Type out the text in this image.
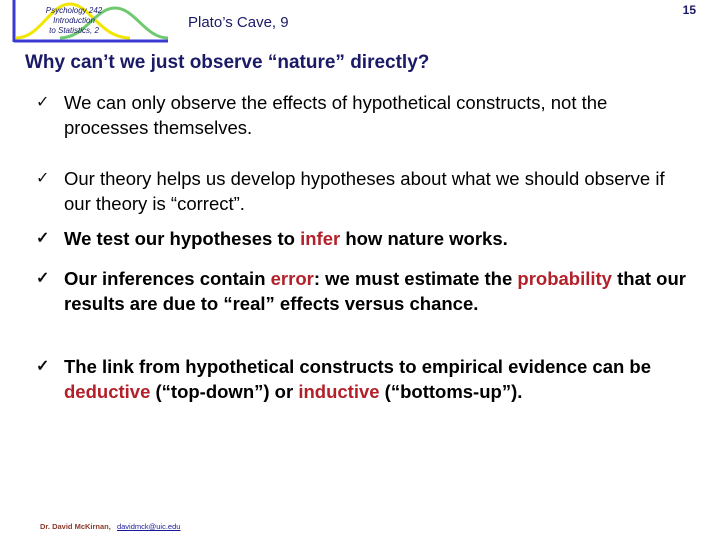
Psychology 242
Introduction
to Statistics, 2	Plato’s Cave, 9
15
Why can’t we just observe “nature” directly?
✓ We can only observe the effects of hypothetical constructs, not the processes themselves.
✓ Our theory helps us develop hypotheses about what we should observe if our theory is “correct”.
✓ We test our hypotheses to infer how nature works.
✓ Our inferences contain error: we must estimate the probability that our results are due to “real” effects versus chance.
✓ The link from hypothetical constructs to empirical evidence can be deductive (“top-down”) or inductive (“bottoms-up”).
Dr. David McKirnan, davidmck@uic.edu
